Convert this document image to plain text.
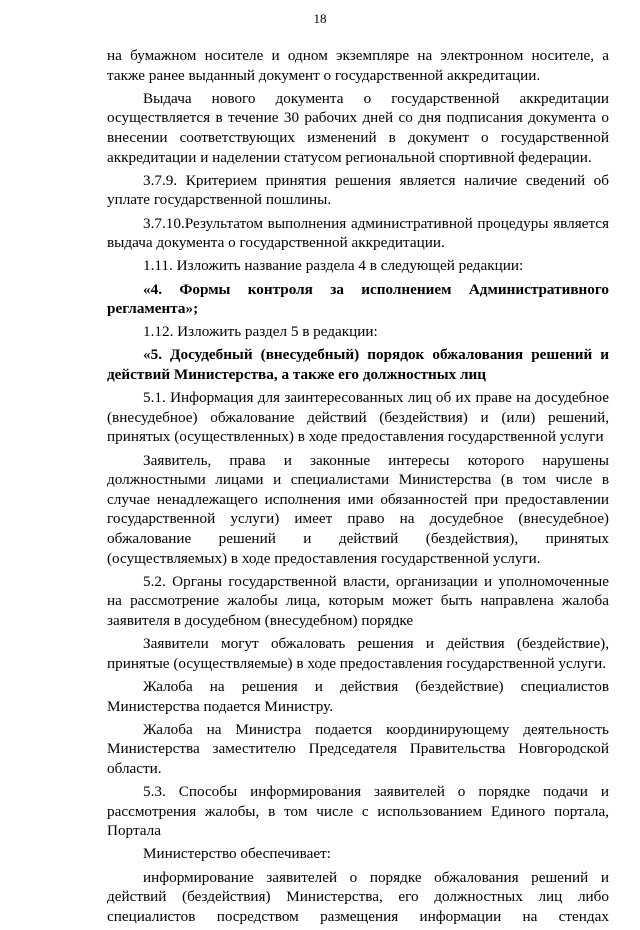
18

на бумажном носителе и одном экземпляре на электронном носителе, а также ранее выданный документ о государственной аккредитации.

Выдача нового документа о государственной аккредитации осуществляется в течение 30 рабочих дней со дня подписания документа о внесении соответствующих изменений в документ о государственной аккредитации и наделении статусом региональной спортивной федерации.

3.7.9. Критерием принятия решения является наличие сведений об уплате государственной пошлины.

3.7.10.Результатом выполнения административной процедуры является выдача документа о государственной аккредитации.

1.11. Изложить название раздела 4 в следующей редакции:

«4. Формы контроля за исполнением Административного регламента»;

1.12. Изложить раздел 5 в редакции:

«5. Досудебный (внесудебный) порядок обжалования решений и действий Министерства, а также его должностных лиц

5.1. Информация для заинтересованных лиц об их праве на досудебное (внесудебное) обжалование действий (бездействия) и (или) решений, принятых (осуществленных) в ходе предоставления государственной услуги

Заявитель, права и законные интересы которого нарушены должностными лицами и специалистами Министерства (в том числе в случае ненадлежащего исполнения ими обязанностей при предоставлении государственной услуги) имеет право на досудебное (внесудебное) обжалование решений и действий (бездействия), принятых (осуществляемых) в ходе предоставления государственной услуги.

5.2. Органы государственной власти, организации и уполномоченные на рассмотрение жалобы лица, которым может быть направлена жалоба заявителя в досудебном (внесудебном) порядке

Заявители могут обжаловать решения и действия (бездействие), принятые (осуществляемые) в ходе предоставления государственной услуги.

Жалоба на решения и действия (бездействие) специалистов Министерства подается Министру.

Жалоба на Министра подается координирующему деятельность Министерства заместителю Председателя Правительства Новгородской области.

5.3. Способы информирования заявителей о порядке подачи и рассмотрения жалобы, в том числе с использованием Единого портала, Портала

Министерство обеспечивает:

информирование заявителей о порядке обжалования решений и действий (бездействия) Министерства, его должностных лиц либо специалистов посредством размещения информации на стендах
